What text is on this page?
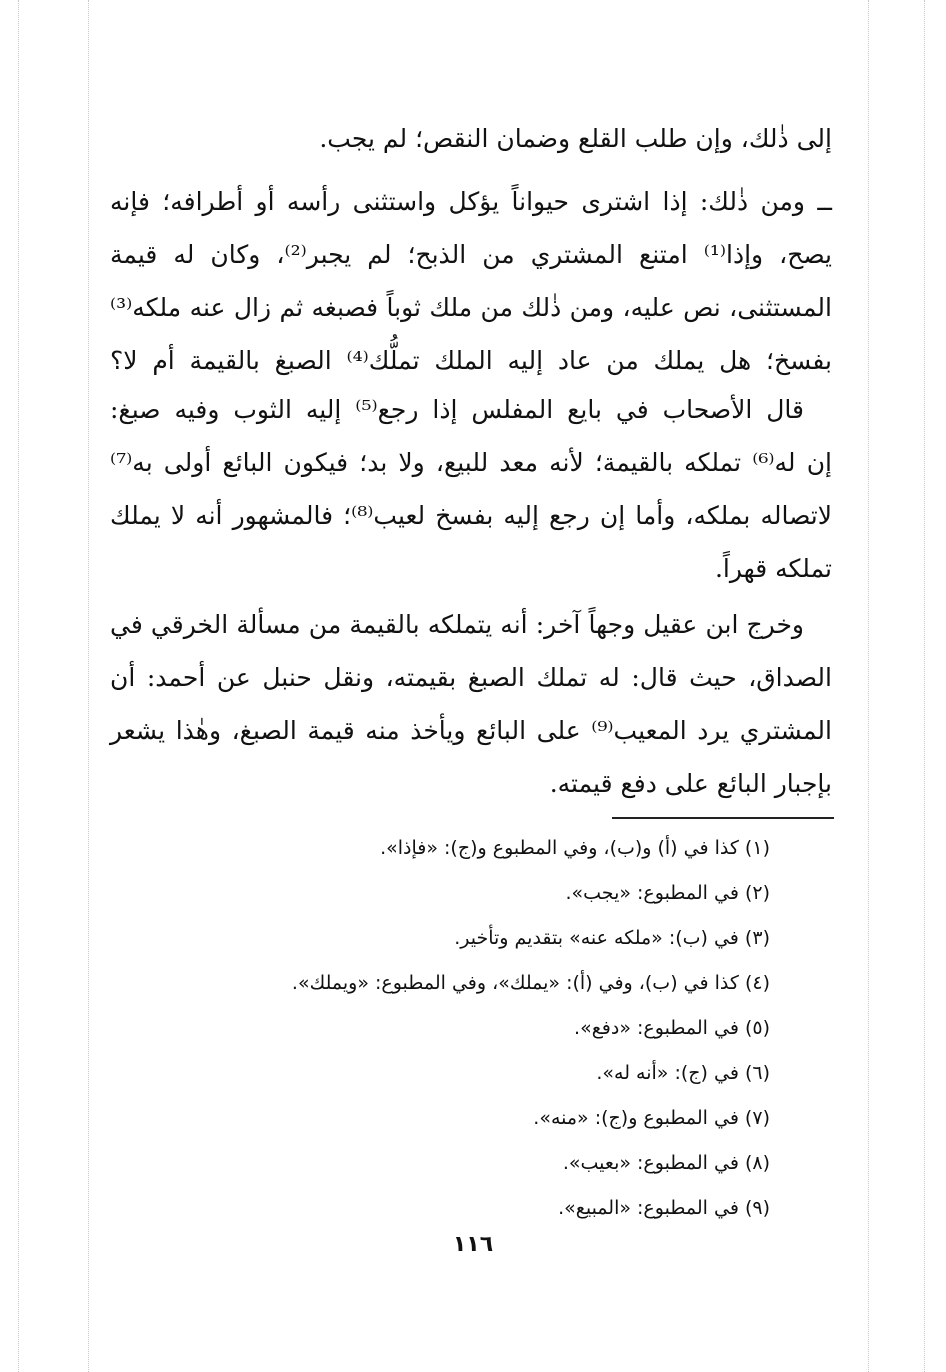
إلى ذٰلك، وإن طلب القلع وضمان النقص؛ لم يجب.
ــ ومن ذٰلك: إذا اشترى حيواناً يؤكل واستثنى رأسه أو أطرافه؛ فإنه
يصح، وإذا⁽¹⁾ امتنع المشتري من الذبح؛ لم يجبر⁽²⁾، وكان له قيمة
المستثنى، نص عليه، ومن ذٰلك من ملك ثوباً فصبغه ثم زال عنه ملكه⁽³⁾
بفسخ؛ هل يملك من عاد إليه الملك تملُّك⁽⁴⁾ الصبغ بالقيمة أم لا؟
قال الأصحاب في بايع المفلس إذا رجع⁽⁵⁾ إليه الثوب وفيه صبغ:
إن له⁽⁶⁾ تملكه بالقيمة؛ لأنه معد للبيع، ولا بد؛ فيكون البائع أولى به⁽⁷⁾
لاتصاله بملكه، وأما إن رجع إليه بفسخ لعيب⁽⁸⁾؛ فالمشهور أنه لا يملك
تملكه قهراً.
وخرج ابن عقيل وجهاً آخر: أنه يتملكه بالقيمة من مسألة الخرقي في
الصداق، حيث قال: له تملك الصبغ بقيمته، ونقل حنبل عن أحمد: أن
المشتري يرد المعيب⁽⁹⁾ على البائع ويأخذ منه قيمة الصبغ، وهٰذا يشعر
بإجبار البائع على دفع قيمته.
(١) كذا في (أ) و(ب)، وفي المطبوع و(ج): «فإذا».
(٢) في المطبوع: «يجب».
(٣) في (ب): «ملكه عنه» بتقديم وتأخير.
(٤) كذا في (ب)، وفي (أ): «يملك»، وفي المطبوع: «ويملك».
(٥) في المطبوع: «دفع».
(٦) في (ج): «أنه له».
(٧) في المطبوع و(ج): «منه».
(٨) في المطبوع: «بعيب».
(٩) في المطبوع: «المبيع».
١١٦
